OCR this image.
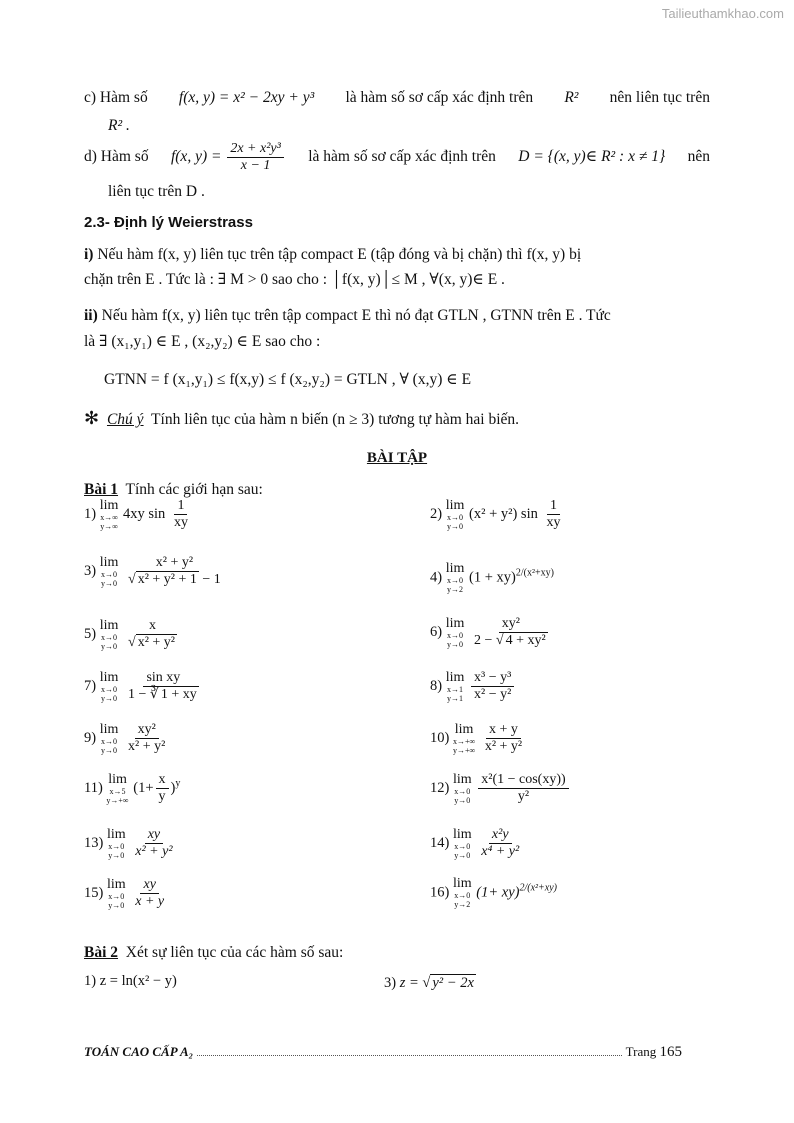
Tailieuthamkhao.com
c) Hàm số f(x, y) = x² − 2xy + y³ là hàm số sơ cấp xác định trên R² nên liên tục trên
R² .
d) Hàm số f(x, $y) = \frac{\text{2x + x²y³}}{x - 1}$ là hàm số sơ cấp xác định trên D = {(x, y)∈ R² : x ≠ 1} nên
liên tục trên D .
2.3- Định lý Weierstrass
i) Nếu hàm f(x, y) liên tục trên tập compact E (tập đóng và bị chặn) thì f(x, y) bị
chặn trên E . Tức là : ∃ M > 0 sao cho : │f(x, y)│≤ M , ∀(x, y)∈ E .
ii) Nếu hàm f(x, y) liên tục trên tập compact E thì nó đạt GTLN , GTNN trên E . Tức
là ∃ (x₁,y₁) ∈ E , (x₂,y₂) ∈ E sao cho :
GTNN = f (x₁,y₁) ≤ f(x,y) ≤ f (x₂,y₂) = GTLN , ∀ (x,y) ∈ E
✻ Chú ý Tính liên tục của hàm n biến (n ≥ 3) tương tự hàm hai biến.
BÀI TẬP
Bài 1 Tính các giới hạn sau:
1)
lim
x→∞
y→∞
4xy $\sin \frac{1}{xy}$	2)
lim
x→0
y→0
(x² + y²) $\sin \frac{1}{xy}$
3)
lim
x→0
y→0
$\frac{\text{x² + y²}}{\text{√ x² + y² + 1 − 1}}$	4)
lim
x→0
y→2
(1 + xy)$^{2/(x^2+xy)}$
5)
lim
x→0
y→0
$\frac{x}{\text{√ x² + y²}}$	6)
lim
x→0
y→0
$\frac{\text{xy²}}{\text{2 − √ 4 + xy²}}$
7)
lim
x→0
y→0
$\frac{\text{sin xy}}{1 - ∛ 1 + xy}$	8)
lim
x→1
y→1
$\frac{\text{x³ − y³}}{\text{x² − y²}}$
9)
lim
x→0
y→0
$\frac{\text{xy²}}{\text{x² + y²}}$	10)
lim
x→+∞
y→+∞
$\frac{x + y}{\text{x² + y²}}$
11)
lim
x→5
y→+∞
$(1+ \frac{x}{y} )^y$	12)
lim
x→0
y→0
$\frac{\text{x²(1 − cos(xy))}}{\text{y²}}$
13)
lim
x→0
y→0
$\frac{xy}{\text{x² + y²}}$	14)
lim
x→0
y→0
$\frac{\text{x²y}}{\text{x⁴ + y²}}$
15)
lim
x→0
y→0
$\frac{xy}{x + y}$	16)
lim
x→0
y→2
(1+ xy)$^{2/(x^2+xy)}$
Bài 2 Xét sự liên tục của các hàm số sau:
1) z = ln(x² − y)	3) z = √ y² − 2x
TOÁN CAO CẤP A₂	Trang
165
